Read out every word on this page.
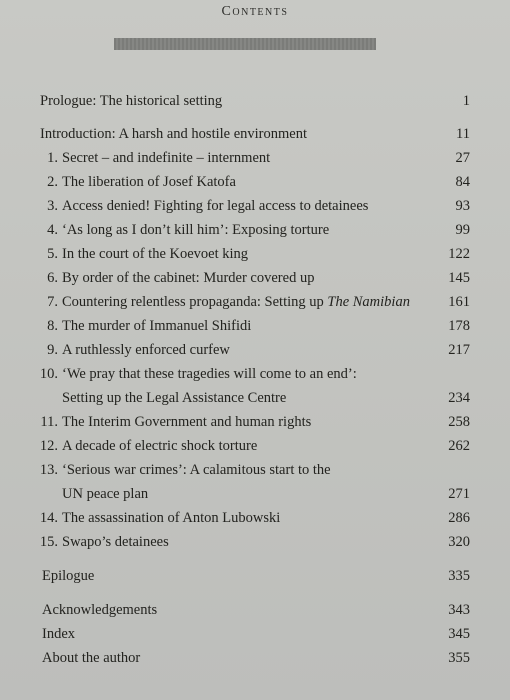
Contents
Prologue: The historical setting	1
Introduction: A harsh and hostile environment	11
1. Secret – and indefinite – internment	27
2. The liberation of Josef Katofa	84
3. Access denied! Fighting for legal access to detainees	93
4. ‘As long as I don’t kill him’: Exposing torture	99
5. In the court of the Koevoet king	122
6. By order of the cabinet: Murder covered up	145
7. Countering relentless propaganda: Setting up The Namibian	161
8. The murder of Immanuel Shifidi	178
9. A ruthlessly enforced curfew	217
10. ‘We pray that these tragedies will come to an end’:
Setting up the Legal Assistance Centre	234
11. The Interim Government and human rights	258
12. A decade of electric shock torture	262
13. ‘Serious war crimes’: A calamitous start to the
UN peace plan	271
14. The assassination of Anton Lubowski	286
15. Swapo’s detainees	320
Epilogue	335
Acknowledgements	343
Index	345
About the author	355
